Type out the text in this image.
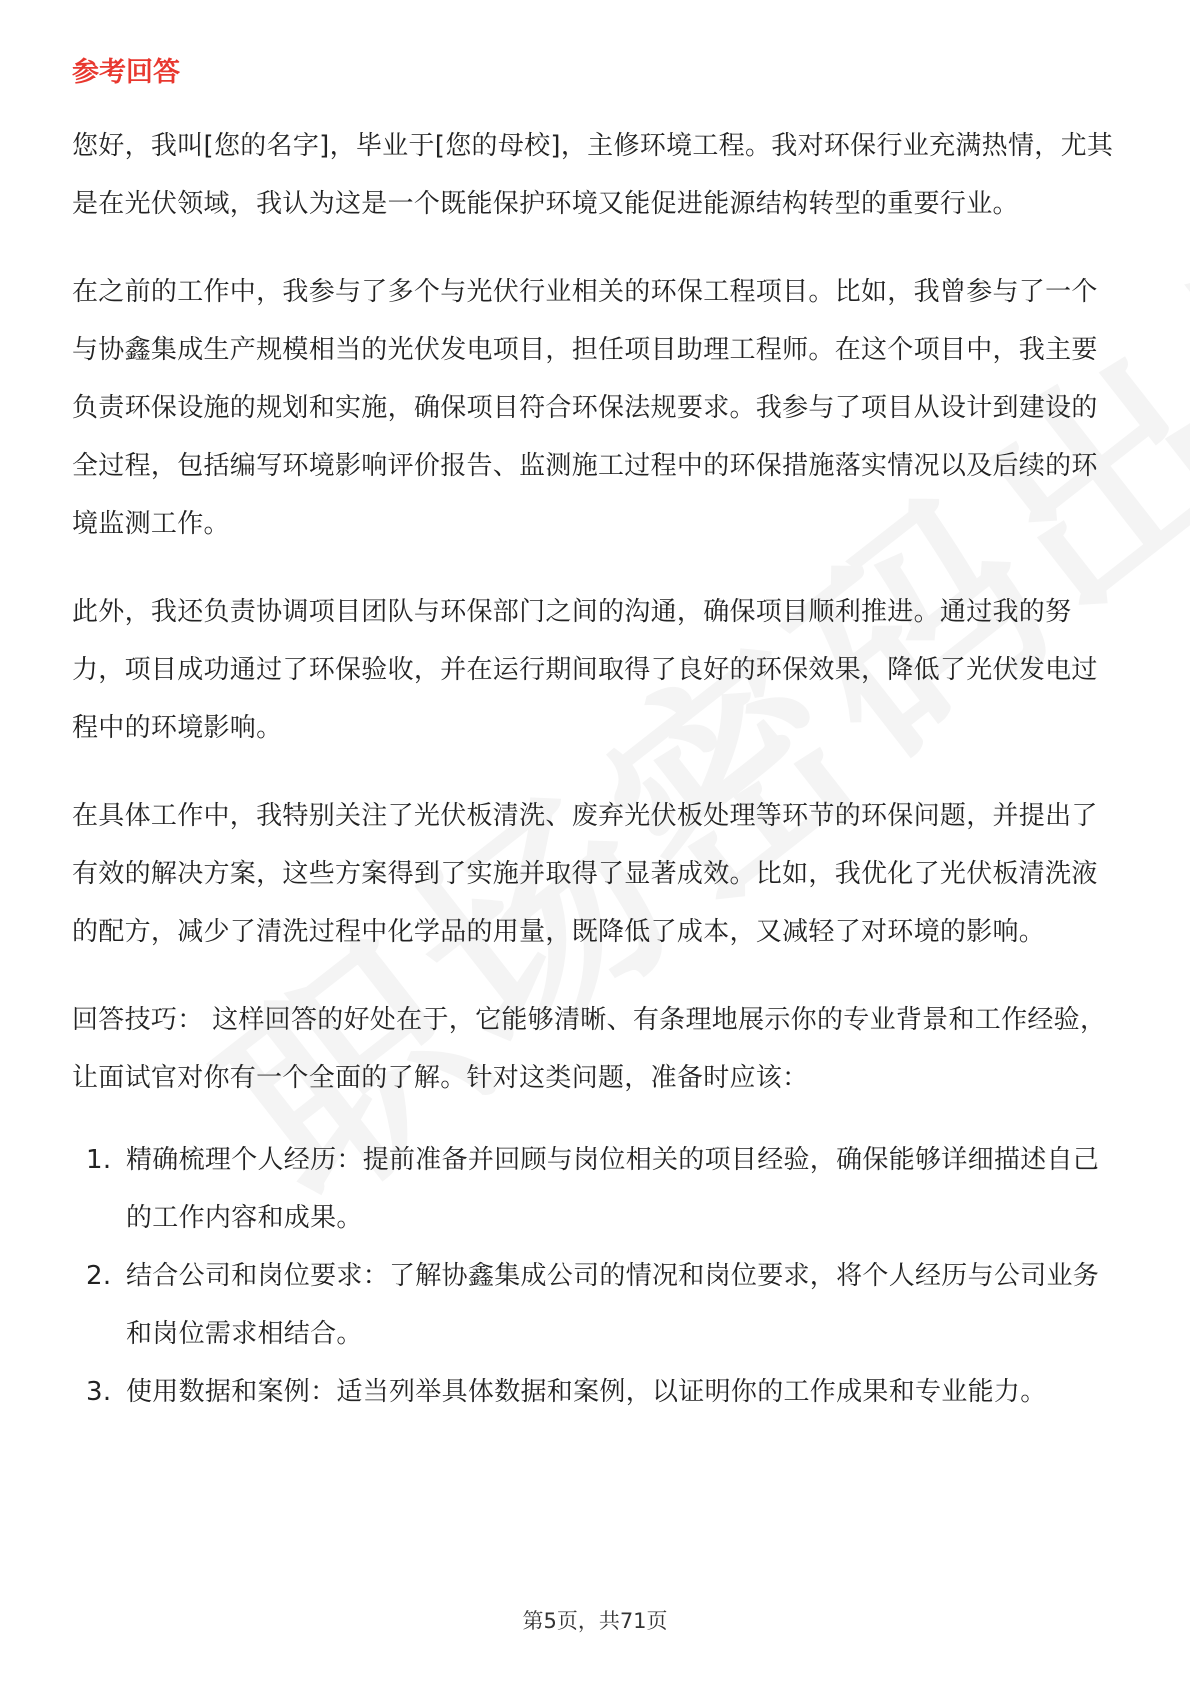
参考回答

您好，我叫[您的名字]，毕业于[您的母校]，主修环境工程。我对环保行业充满热情，尤其是在光伏领域，我认为这是一个既能保护环境又能促进能源结构转型的重要行业。

在之前的工作中，我参与了多个与光伏行业相关的环保工程项目。比如，我曾参与了一个与协鑫集成生产规模相当的光伏发电项目，担任项目助理工程师。在这个项目中，我主要负责环保设施的规划和实施，确保项目符合环保法规要求。我参与了项目从设计到建设的全过程，包括编写环境影响评价报告、监测施工过程中的环保措施落实情况以及后续的环境监测工作。

此外，我还负责协调项目团队与环保部门之间的沟通，确保项目顺利推进。通过我的努力，项目成功通过了环保验收，并在运行期间取得了良好的环保效果，降低了光伏发电过程中的环境影响。

在具体工作中，我特别关注了光伏板清洗、废弃光伏板处理等环节的环保问题，并提出了有效的解决方案，这些方案得到了实施并取得了显著成效。比如，我优化了光伏板清洗液的配方，减少了清洗过程中化学品的用量，既降低了成本，又减轻了对环境的影响。

回答技巧： 这样回答的好处在于，它能够清晰、有条理地展示你的专业背景和工作经验，让面试官对你有一个全面的了解。针对这类问题，准备时应该：

1. 精确梳理个人经历：提前准备并回顾与岗位相关的项目经验，确保能够详细描述自己的工作内容和成果。
2. 结合公司和岗位要求：了解协鑫集成公司的情况和岗位要求，将个人经历与公司业务和岗位需求相结合。
3. 使用数据和案例：适当列举具体数据和案例，以证明你的工作成果和专业能力。

第5页，共71页
